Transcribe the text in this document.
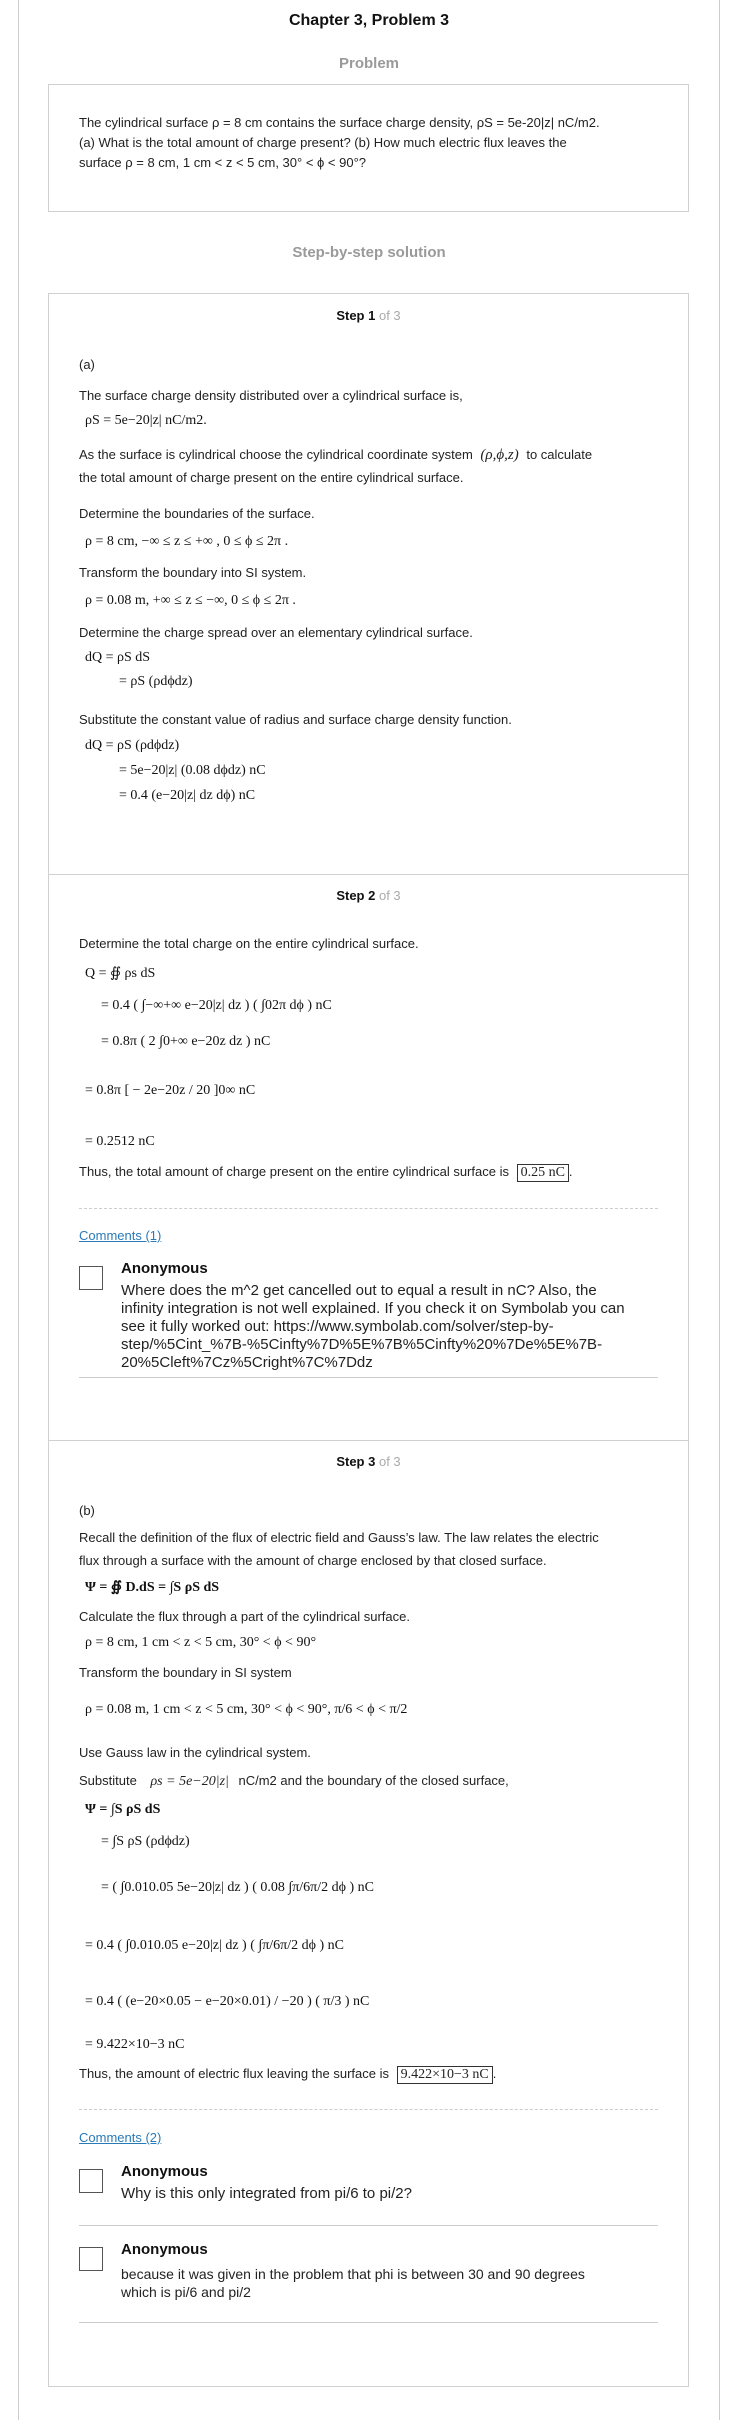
Chapter 3, Problem 3
Problem
The cylindrical surface ρ = 8 cm contains the surface charge density, ρS = 5e-20|z| nC/m2.
(a) What is the total amount of charge present? (b) How much electric flux leaves the
surface ρ = 8 cm, 1 cm < z < 5 cm, 30° < ϕ < 90°?
Step-by-step solution
Step 1 of 3
(a)
The surface charge density distributed over a cylindrical surface is,
ρS = 5e−20|z| nC/m2.
As the surface is cylindrical choose the cylindrical coordinate system (ρ,ϕ,z) to calculate
the total amount of charge present on the entire cylindrical surface.
Determine the boundaries of the surface.
ρ = 8 cm, −∞ ≤ z ≤ +∞ , 0 ≤ ϕ ≤ 2π .
Transform the boundary into SI system.
ρ = 0.08 m, +∞ ≤ z ≤ −∞, 0 ≤ ϕ ≤ 2π .
Determine the charge spread over an elementary cylindrical surface.
dQ = ρS dS
= ρS (ρdϕdz)
Substitute the constant value of radius and surface charge density function.
dQ = ρS (ρdϕdz)
= 5e−20|z| (0.08 dϕdz) nC
= 0.4 (e−20|z| dz dϕ) nC
Step 2 of 3
Determine the total charge on the entire cylindrical surface.
Q = ∯ ρs dS
= 0.4 ( ∫−∞+∞ e−20|z| dz ) ( ∫02π dϕ ) nC
= 0.8π ( 2 ∫0+∞ e−20z dz ) nC
= 0.8π [ − 2e−20z / 20 ]0∞ nC
= 0.2512 nC
Thus, the total amount of charge present on the entire cylindrical surface is 0.25 nC .
Comments (1)
Anonymous
Where does the m^2 get cancelled out to equal a result in nC? Also, the
infinity integration is not well explained. If you check it on Symbolab you can
see it fully worked out: https://www.symbolab.com/solver/step-by-
step/%5Cint_%7B-%5Cinfty%7D%5E%7B%5Cinfty%20%7De%5E%7B-
20%5Cleft%7Cz%5Cright%7C%7Ddz
Step 3 of 3
(b)
Recall the definition of the flux of electric field and Gauss’s law. The law relates the electric
flux through a surface with the amount of charge enclosed by that closed surface.
Ψ = ∯ D.dS = ∫S ρS dS
Calculate the flux through a part of the cylindrical surface.
ρ = 8 cm, 1 cm < z < 5 cm, 30° < ϕ < 90°
Transform the boundary in SI system
ρ = 0.08 m, 1 cm < z < 5 cm, 30° < ϕ < 90°, π/6 < ϕ < π/2
Use Gauss law in the cylindrical system.
Substitute ρs = 5e−20|z| nC/m2 and the boundary of the closed surface,
Ψ = ∫S ρS dS
= ∫S ρS (ρdϕdz)
= ( ∫0.010.05 5e−20|z| dz ) ( 0.08 ∫π/6π/2 dϕ ) nC
= 0.4 ( ∫0.010.05 e−20|z| dz ) ( ∫π/6π/2 dϕ ) nC
= 0.4 ( (e−20×0.05 − e−20×0.01) / −20 ) ( π/3 ) nC
= 9.422×10−3 nC
Thus, the amount of electric flux leaving the surface is 9.422×10−3 nC .
Comments (2)
Anonymous
Why is this only integrated from pi/6 to pi/2?
Anonymous
because it was given in the problem that phi is between 30 and 90 degrees
which is pi/6 and pi/2
